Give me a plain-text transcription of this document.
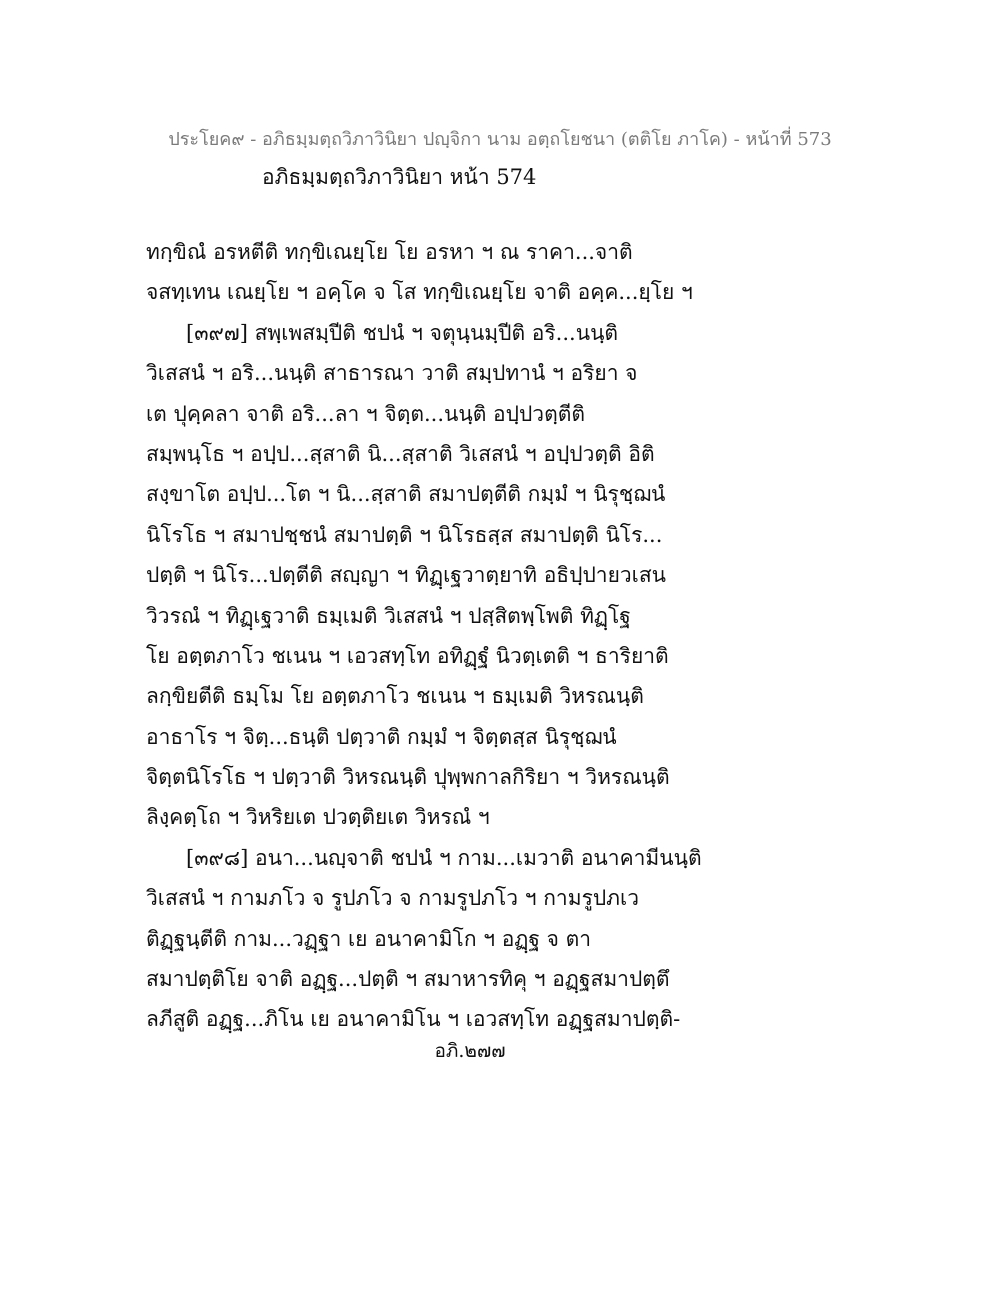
ประโยค๙ - อภิธมฺมตฺถวิภาวินิยา ปญฺจิกา นาม อตฺถโยชนา (ตติโย ภาโค) - หน้าที่ 573
อภิธมฺมตฺถวิภาวินิยา หน้า 574
ทกฺขิณํ อรหตีติ ทกฺขิเณยฺโย โย อรหา ฯ ณ ราคา...จาติ
จสทฺเทน เณยฺโย ฯ อคฺโค จ โส ทกฺขิเณยฺโย จาติ อคฺค...ยฺโย ฯ
[๓๙๗] สพฺเพสมฺปีติ ชปนํ ฯ จตุนฺนมฺปีติ อริ...นนฺติ
วิเสสนํ ฯ อริ...นนฺติ สาธารณา วาติ สมฺปทานํ ฯ อริยา จ
เต ปุคฺคลา จาติ อริ...ลา ฯ จิตฺต...นนฺติ อปฺปวตฺตีติ
สมฺพนฺโธ ฯ อปฺป...สฺสาติ นิ...สฺสาติ วิเสสนํ ฯ อปฺปวตฺติ อิติ
สงฺขาโต อปฺป...โต ฯ นิ...สฺสาติ สมาปตฺตีติ กมฺมํ ฯ นิรุชฺฌนํ
นิโรโธ ฯ สมาปชฺชนํ สมาปตฺติ ฯ นิโรธสฺส สมาปตฺติ นิโร...
ปตฺติ ฯ นิโร...ปตฺตีติ สญฺญา ฯ ทิฏฺเฐวาตฺยาทิ อธิปฺปายวเสน
วิวรณํ ฯ ทิฏฺเฐวาติ ธมฺเมติ วิเสสนํ ฯ ปสฺสิตพฺโพติ ทิฏฺโฐ
โย อตฺตภาโว ชเนน ฯ เอวสทฺโท อทิฏฺฐํ นิวตฺเตติ ฯ ธาริยาติ
ลกฺขิยตีติ ธมฺโม โย อตฺตภาโว ชเนน ฯ ธมฺเมติ วิหรณนฺติ
อาธาโร ฯ จิตฺ...ธนฺติ ปตฺวาติ กมฺมํ ฯ จิตฺตสฺส นิรุชฺฌนํ
จิตฺตนิโรโธ ฯ ปตฺวาติ วิหรณนฺติ ปุพฺพกาลกิริยา ฯ วิหรณนฺติ
ลิงฺคตฺโถ ฯ วิหริยเต ปวตฺติยเต วิหรณํ ฯ
[๓๙๘] อนา...นญฺจาติ ชปนํ ฯ กาม...เมวาติ อนาคามีนนฺติ
วิเสสนํ ฯ กามภโว จ รูปภโว จ กามรูปภโว ฯ กามรูปภเว
ติฏฺฐนฺตีติ กาม...วฏฺฐา เย อนาคามิโก ฯ อฏฺฐ จ ตา
สมาปตฺติโย จาติ อฏฺฐ...ปตฺติ ฯ สมาหารทิคุ ฯ อฏฺฐสมาปตฺตึ
ลภีสูติ อฏฺฐ...ภิโน เย อนาคามิโน ฯ เอวสทฺโท อฏฺฐสมาปตฺติ-
อภิ.๒๗๗
